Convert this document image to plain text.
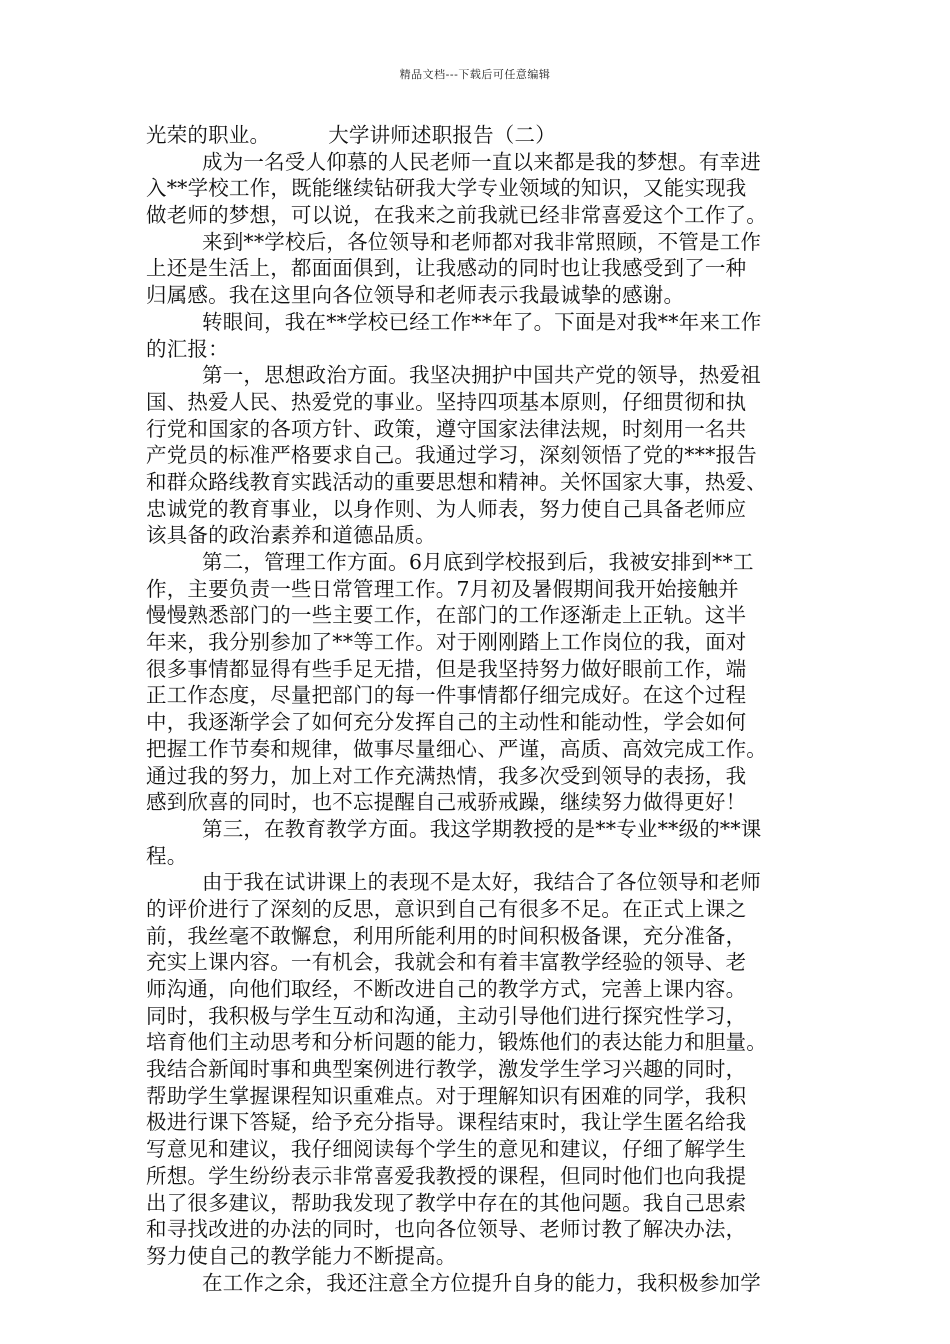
精品文档---下载后可任意编辑
光荣的职业。	大学讲师述职报告（二）
成为一名受人仰慕的人民老师一直以来都是我的梦想。有幸进
入**学校工作，既能继续钻研我大学专业领域的知识，又能实现我
做老师的梦想，可以说，在我来之前我就已经非常喜爱这个工作了。
来到**学校后，各位领导和老师都对我非常照顾，不管是工作
上还是生活上，都面面俱到，让我感动的同时也让我感受到了一种
归属感。我在这里向各位领导和老师表示我最诚挚的感谢。
转眼间，我在**学校已经工作**年了。下面是对我**年来工作
的汇报：
第一，思想政治方面。我坚决拥护中国共产党的领导，热爱祖
国、热爱人民、热爱党的事业。坚持四项基本原则，仔细贯彻和执
行党和国家的各项方针、政策，遵守国家法律法规，时刻用一名共
产党员的标准严格要求自己。我通过学习，深刻领悟了党的***报告
和群众路线教育实践活动的重要思想和精神。关怀国家大事，热爱、
忠诚党的教育事业，以身作则、为人师表，努力使自己具备老师应
该具备的政治素养和道德品质。
第二，管理工作方面。6月底到学校报到后，我被安排到**工
作，主要负责一些日常管理工作。7月初及暑假期间我开始接触并
慢慢熟悉部门的一些主要工作，在部门的工作逐渐走上正轨。这半
年来，我分别参加了**等工作。对于刚刚踏上工作岗位的我，面对
很多事情都显得有些手足无措，但是我坚持努力做好眼前工作，端
正工作态度，尽量把部门的每一件事情都仔细完成好。在这个过程
中，我逐渐学会了如何充分发挥自己的主动性和能动性，学会如何
把握工作节奏和规律，做事尽量细心、严谨，高质、高效完成工作。
通过我的努力，加上对工作充满热情，我多次受到领导的表扬，我
感到欣喜的同时，也不忘提醒自己戒骄戒躁，继续努力做得更好！
第三，在教育教学方面。我这学期教授的是**专业**级的**课
程。
由于我在试讲课上的表现不是太好，我结合了各位领导和老师
的评价进行了深刻的反思，意识到自己有很多不足。在正式上课之
前，我丝毫不敢懈怠，利用所能利用的时间积极备课，充分准备，
充实上课内容。一有机会，我就会和有着丰富教学经验的领导、老
师沟通，向他们取经，不断改进自己的教学方式，完善上课内容。
同时，我积极与学生互动和沟通，主动引导他们进行探究性学习，
培育他们主动思考和分析问题的能力，锻炼他们的表达能力和胆量。
我结合新闻时事和典型案例进行教学，激发学生学习兴趣的同时，
帮助学生掌握课程知识重难点。对于理解知识有困难的同学，我积
极进行课下答疑，给予充分指导。课程结束时，我让学生匿名给我
写意见和建议，我仔细阅读每个学生的意见和建议，仔细了解学生
所想。学生纷纷表示非常喜爱我教授的课程，但同时他们也向我提
出了很多建议，帮助我发现了教学中存在的其他问题。我自己思索
和寻找改进的办法的同时，也向各位领导、老师讨教了解决办法，
努力使自己的教学能力不断提高。
在工作之余，我还注意全方位提升自身的能力，我积极参加学
